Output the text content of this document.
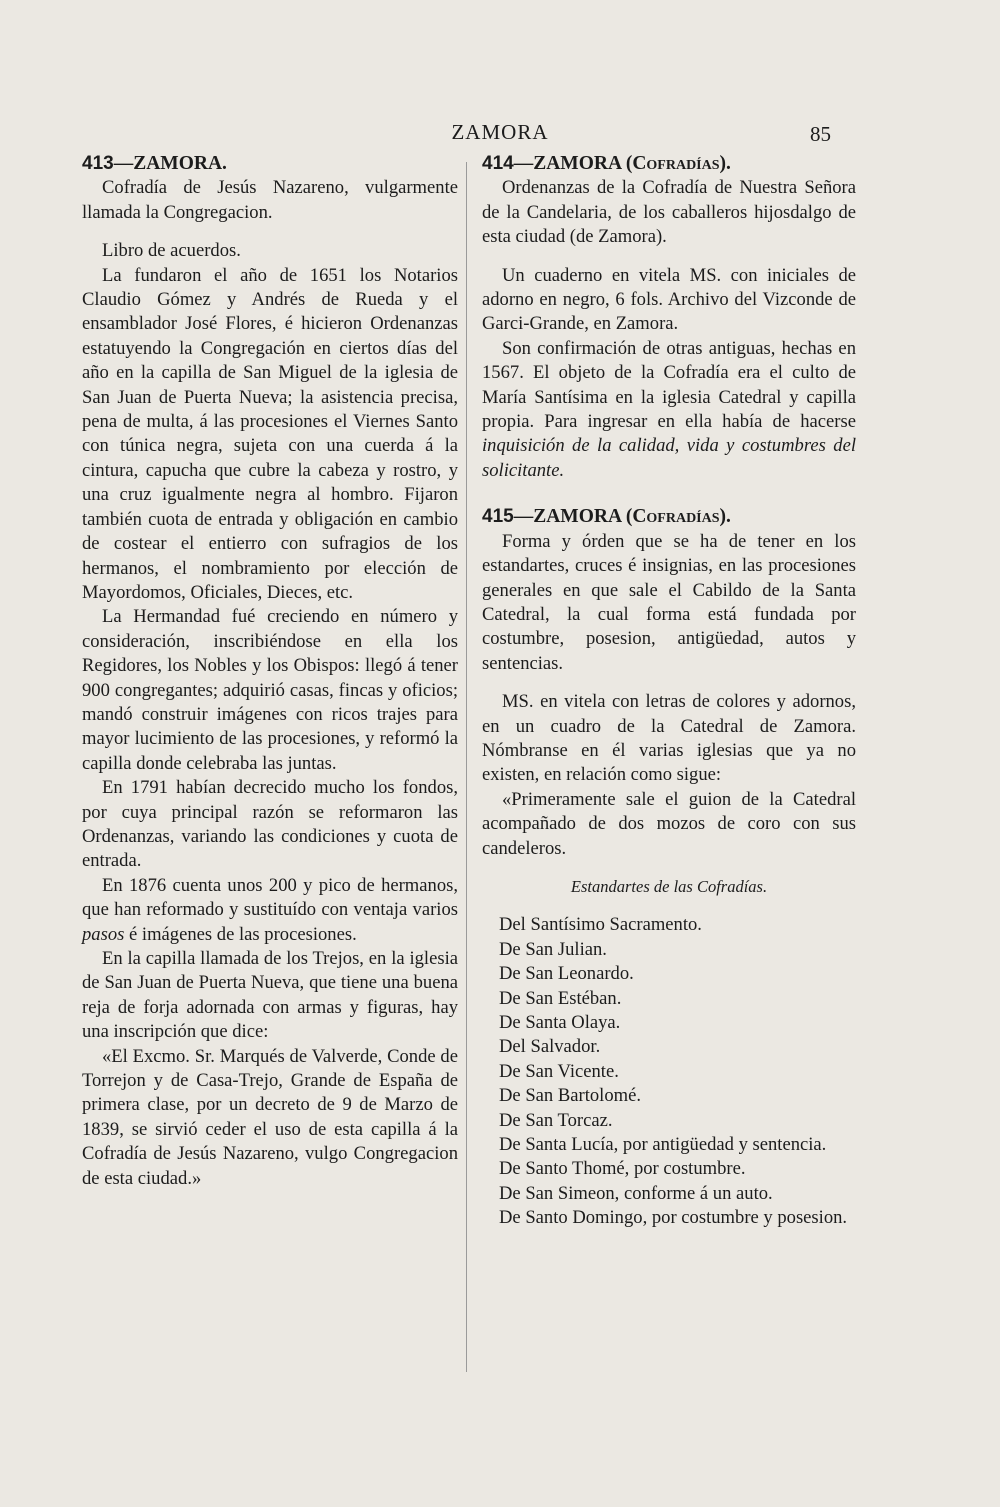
ZAMORA	85
413—ZAMORA.

Cofradía de Jesús Nazareno, vulgarmente llamada la Congregacion.

Libro de acuerdos.

La fundaron el año de 1651 los Notarios Claudio Gómez y Andrés de Rueda y el ensamblador José Flores, é hicieron Ordenanzas estatuyendo la Congregación en ciertos días del año en la capilla de San Miguel de la iglesia de San Juan de Puerta Nueva; la asistencia precisa, pena de multa, á las procesiones el Viernes Santo con túnica negra, sujeta con una cuerda á la cintura, capucha que cubre la cabeza y rostro, y una cruz igualmente negra al hombro. Fijaron también cuota de entrada y obligación en cambio de costear el entierro con sufragios de los hermanos, el nombramiento por elección de Mayordomos, Oficiales, Dieces, etc.

La Hermandad fué creciendo en número y consideración, inscribiéndose en ella los Regidores, los Nobles y los Obispos: llegó á tener 900 congregantes; adquirió casas, fincas y oficios; mandó construir imágenes con ricos trajes para mayor lucimiento de las procesiones, y reformó la capilla donde celebraba las juntas.

En 1791 habían decrecido mucho los fondos, por cuya principal razón se reformaron las Ordenanzas, variando las condiciones y cuota de entrada.

En 1876 cuenta unos 200 y pico de hermanos, que han reformado y sustituído con ventaja varios pasos é imágenes de las procesiones.

En la capilla llamada de los Trejos, en la iglesia de San Juan de Puerta Nueva, que tiene una buena reja de forja adornada con armas y figuras, hay una inscripción que dice:

«El Excmo. Sr. Marqués de Valverde, Conde de Torrejon y de Casa-Trejo, Grande de España de primera clase, por un decreto de 9 de Marzo de 1839, se sirvió ceder el uso de esta capilla á la Cofradía de Jesús Nazareno, vulgo Congregacion de esta ciudad.»

414—ZAMORA (Cofradías).

Ordenanzas de la Cofradía de Nuestra Señora de la Candelaria, de los caballeros hijosdalgo de esta ciudad (de Zamora).

Un cuaderno en vitela MS. con iniciales de adorno en negro, 6 fols. Archivo del Vizconde de Garci-Grande, en Zamora.

Son confirmación de otras antiguas, hechas en 1567. El objeto de la Cofradía era el culto de María Santísima en la iglesia Catedral y capilla propia. Para ingresar en ella había de hacerse inquisición de la calidad, vida y costumbres del solicitante.

415—ZAMORA (Cofradías).

Forma y órden que se ha de tener en los estandartes, cruces é insignias, en las procesiones generales en que sale el Cabildo de la Santa Catedral, la cual forma está fundada por costumbre, posesion, antigüedad, autos y sentencias.

MS. en vitela con letras de colores y adornos, en un cuadro de la Catedral de Zamora. Nómbranse en él varias iglesias que ya no existen, en relación como sigue:

«Primeramente sale el guion de la Catedral acompañado de dos mozos de coro con sus candeleros.

Estandartes de las Cofradías.

Del Santísimo Sacramento.
De San Julian.
De San Leonardo.
De San Estéban.
De Santa Olaya.
Del Salvador.
De San Vicente.
De San Bartolomé.
De San Torcaz.
De Santa Lucía, por antigüedad y sentencia.
De Santo Thomé, por costumbre.
De San Simeon, conforme á un auto.
De Santo Domingo, por costumbre y posesion.
